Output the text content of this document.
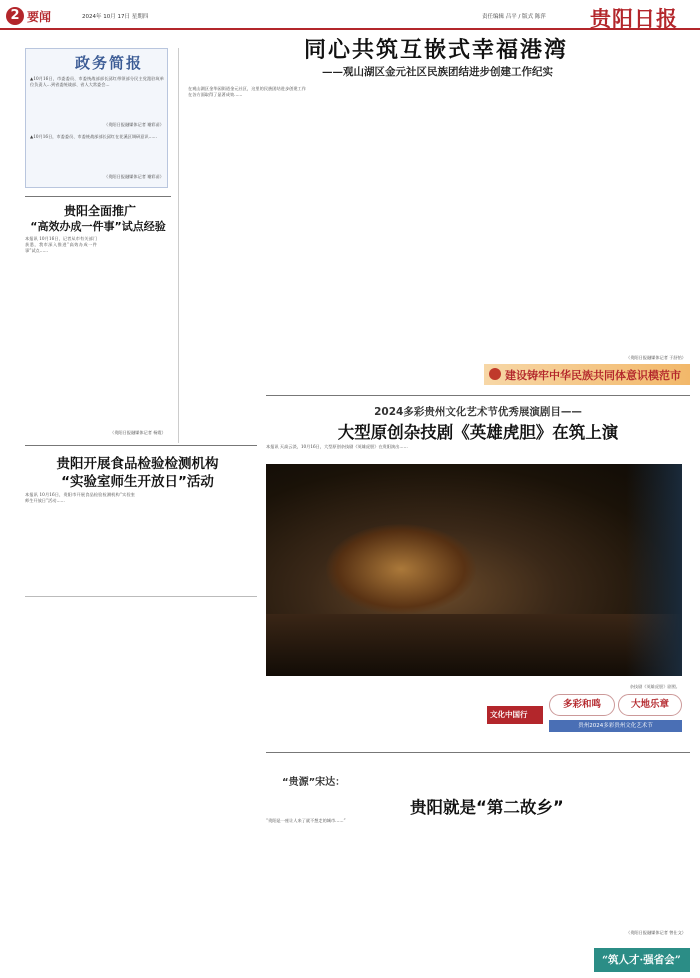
2 要闻	2024年 10月 17日 星期四	责任编辑 吕平 / 版式 陈萍 贵阳日报
政务简报
▲10月16日，市委委员、市委统战部部长邱红带领部分民主党派驻筑单位负责人…到省委统战部、省人大常委会…
（贵阳日报融媒体记者 谢彩苗）
▲10月16日，市委委员、市委统战部部长邱红在花溪区调研意识……
（贵阳日报融媒体记者 谢彩苗）
贵阳全面推广
“高效办成一件事”试点经验
本报讯 10月16日，记者从市有关部门获悉，我市深入推进“高效办成一件事”试点……
（贵阳日报融媒体记者 杨霞）
贵阳开展食品检验检测机构
“实验室师生开放日”活动
本报讯 10月16日，贵阳市开展食品检验检测机构“实验室师生开放日”活动……
同心共筑互嵌式幸福港湾
——观山湖区金元社区民族团结进步创建工作纪实
在观山湖区金华园街道金元社区，这里的民族团结进步创建工作在各方面取得了显著成效……
（贵阳日报融媒体记者 于舒怡）
建设铸牢中华民族共同体意识模范市
2024多彩贵州文化艺术节优秀展演剧目——
大型原创杂技剧《英雄虎胆》在筑上演
本报讯 天高云淡，10月16日，大型原创杂技剧《英雄虎胆》在贵阳演出……
杂技剧《英雄虎胆》剧照。
文化中国行
多彩和鸣	大地乐章
贵州2024多彩贵州文化艺术节
“贵源”宋达：
贵阳就是“第二故乡”
“贵阳是一座让人来了就不想走的城市……”
（贵阳日报融媒体记者 曾仕文）
“筑人才·强省会”
